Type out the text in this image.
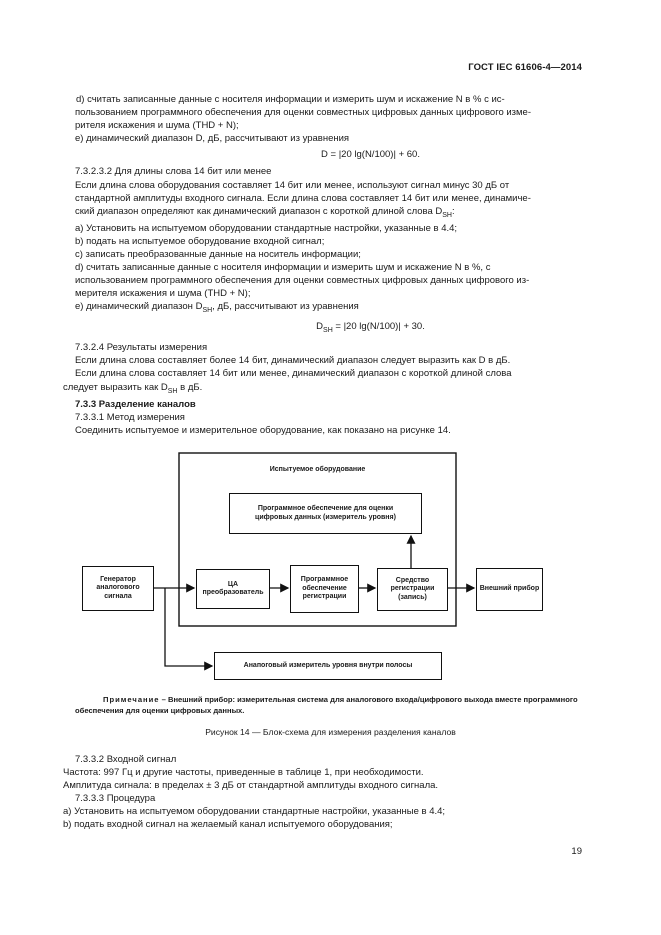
ГОСТ IEC 61606-4—2014

d) считать записанные данные с носителя информации и измерить шум и искажение N в % с ис-

пользованием программного обеспечения для оценки совместных цифровых данных цифрового изме-

рителя искажения и шума (THD + N);

e) динамический диапазон D, дБ, рассчитывают из уравнения

D = |20 lg(N/100)| + 60.

7.3.2.3.2 Для длины слова 14 бит или менее

Если длина слова оборудования составляет 14 бит или менее, используют сигнал минус 30 дБ от

стандартной амплитуды входного сигнала. Если длина слова составляет 14 бит или менее, динамиче-

ский диапазон определяют как динамический диапазон с короткой длиной слова $D_{SH}$:

a) Установить на испытуемом оборудовании стандартные настройки, указанные в 4.4;

b) подать на испытуемое оборудование входной сигнал;

c) записать преобразованные данные на носитель информации;

d) считать записанные данные с носителя информации и измерить шум и искажение N в %, с

использованием программного обеспечения для оценки совместных цифровых данных цифрового из-

мерителя искажения и шума (THD + N);

e) динамический диапазон $D_{SH}$, дБ, рассчитывают из уравнения

$D_{SH} = |20$ lg(N/100)| + 30.

7.3.2.4 Результаты измерения

Если длина слова составляет более 14 бит, динамический диапазон следует выразить как D в дБ.

Если длина слова составляет 14 бит или менее, динамический диапазон с короткой длиной слова

следует выразить как $D_{SH}$ в дБ.

7.3.3 Разделение каналов

7.3.3.1 Метод измерения

Соединить испытуемое и измерительное оборудование, как показано на рисунке 14.

Испытуемое оборудование
Программное обеспечение для оценки цифровых данных (измеритель уровня)
Генератор аналогового сигнала
ЦА преобразователь
Программное обеспечение регистрации
Средство регистрации (запись)
Внешний прибор
Анапоговый измеритель уровня внутри полосы
Примечание – Внешний прибор: измерительная система для аналогового входа/цифрового выхода вместе программного обеспечения для оценки цифровых данных.
Рисунок 14 — Блок-схема для измерения разделения каналов

7.3.3.2 Входной сигнал

Частота: 997 Гц и другие частоты, приведенные в таблице 1, при необходимости.

Амплитуда сигнала: в пределах ± 3 дБ от стандартной амплитуды входного сигнала.

7.3.3.3 Процедура

a) Установить на испытуемом оборудовании стандартные настройки, указанные в 4.4;

b) подать входной сигнал на желаемый канал испытуемого оборудования;

19
